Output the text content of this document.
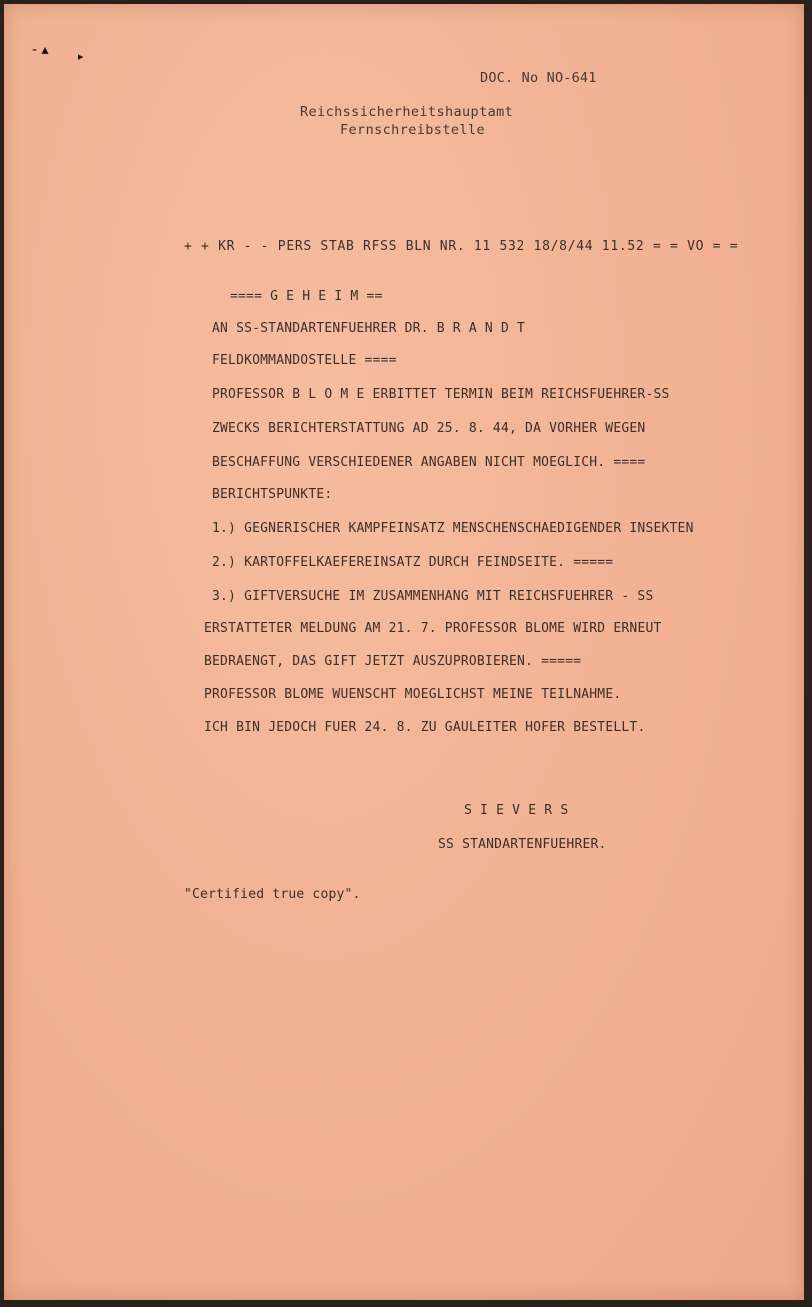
- ▴	▸
DOC. No NO-641
Reichssicherheitshauptamt
Fernschreibstelle
+ + KR - - PERS STAB RFSS BLN NR. 11 532 18/8/44 11.52 = = VO = =
==== G E H E I M ==
AN SS-STANDARTENFUEHRER DR. B R A N D T
FELDKOMMANDOSTELLE ====
PROFESSOR B L O M E ERBITTET TERMIN BEIM REICHSFUEHRER-SS
ZWECKS BERICHTERSTATTUNG AD 25. 8. 44, DA VORHER WEGEN
BESCHAFFUNG VERSCHIEDENER ANGABEN NICHT MOEGLICH. ====
BERICHTSPUNKTE:
1.) GEGNERISCHER KAMPFEINSATZ MENSCHENSCHAEDIGENDER INSEKTEN
2.) KARTOFFELKAEFEREINSATZ DURCH FEINDSEITE. =====
3.) GIFTVERSUCHE IM ZUSAMMENHANG MIT REICHSFUEHRER - SS
ERSTATTETER MELDUNG AM 21. 7. PROFESSOR BLOME WIRD ERNEUT
BEDRAENGT, DAS GIFT JETZT AUSZUPROBIEREN. =====
PROFESSOR BLOME WUENSCHT MOEGLICHST MEINE TEILNAHME.
ICH BIN JEDOCH FUER 24. 8. ZU GAULEITER HOFER BESTELLT.
S I E V E R S
SS STANDARTENFUEHRER.
"Certified true copy".
